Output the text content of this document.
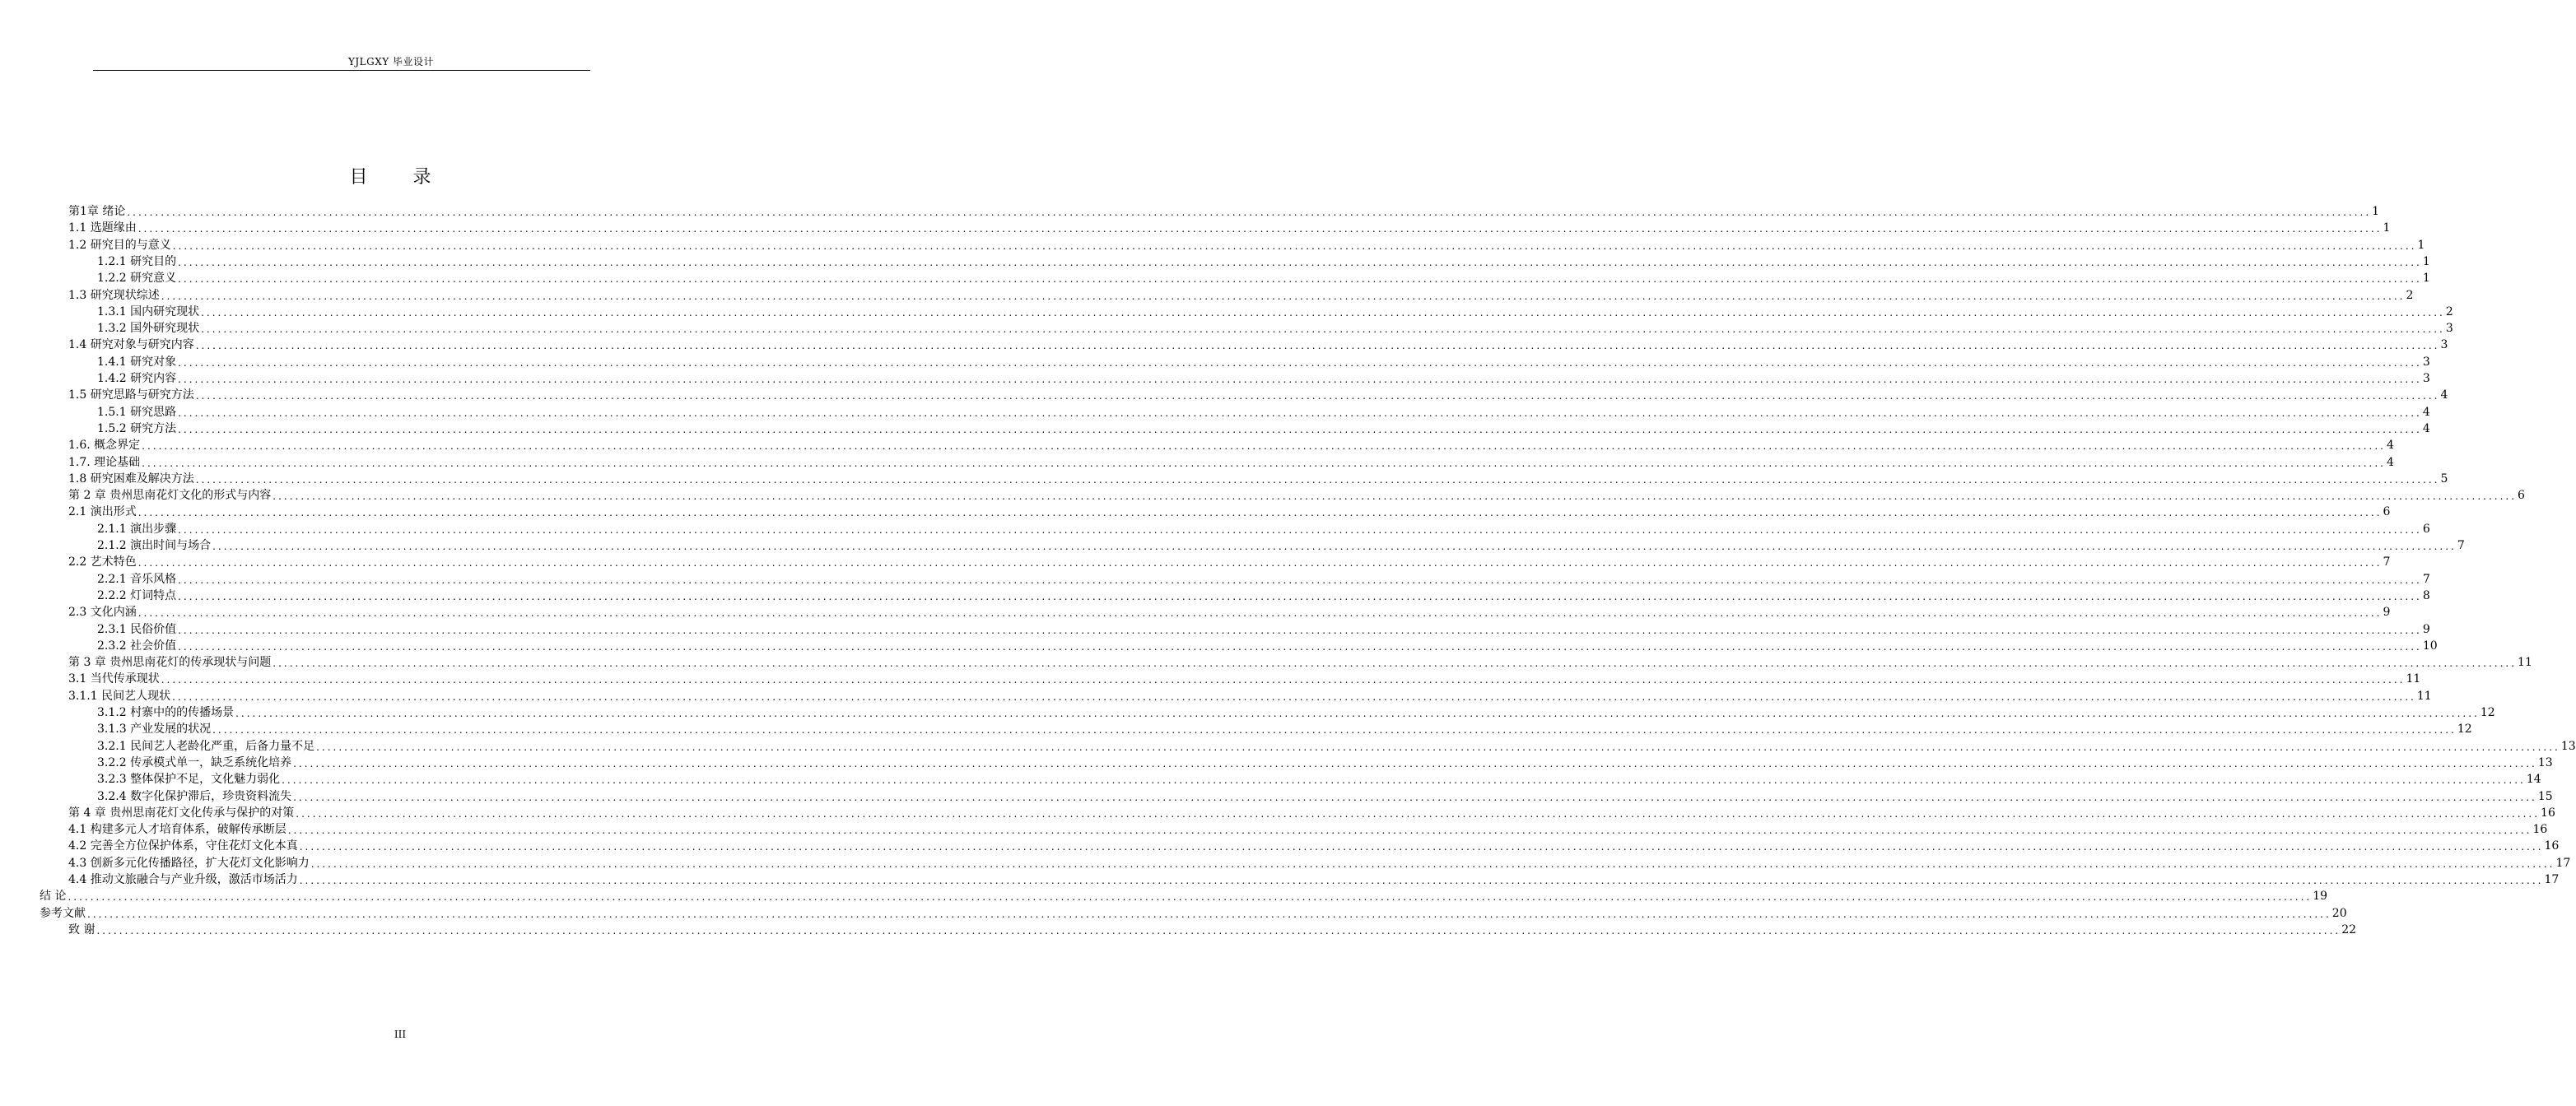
YJLGXY 毕业设计
目 录
第1章 绪论 ................................................................................................................................................................................................................................................................................................................................................................................................................ 1
1.1 选题缘由 ................................................................................................................................................................................................................................................................................................................................................................................................................ 1
1.2 研究目的与意义 ................................................................................................................................................................................................................................................................................................................................................................................................................ 1
1.2.1 研究目的 ................................................................................................................................................................................................................................................................................................................................................................................................................ 1
1.2.2 研究意义 ................................................................................................................................................................................................................................................................................................................................................................................................................ 1
1.3 研究现状综述 ................................................................................................................................................................................................................................................................................................................................................................................................................ 2
1.3.1 国内研究现状 ................................................................................................................................................................................................................................................................................................................................................................................................................ 2
1.3.2 国外研究现状 ................................................................................................................................................................................................................................................................................................................................................................................................................ 3
1.4 研究对象与研究内容 ................................................................................................................................................................................................................................................................................................................................................................................................................ 3
1.4.1 研究对象 ................................................................................................................................................................................................................................................................................................................................................................................................................ 3
1.4.2 研究内容 ................................................................................................................................................................................................................................................................................................................................................................................................................ 3
1.5 研究思路与研究方法 ................................................................................................................................................................................................................................................................................................................................................................................................................ 4
1.5.1 研究思路 ................................................................................................................................................................................................................................................................................................................................................................................................................ 4
1.5.2 研究方法 ................................................................................................................................................................................................................................................................................................................................................................................................................ 4
1.6. 概念界定 ................................................................................................................................................................................................................................................................................................................................................................................................................ 4
1.7. 理论基础 ................................................................................................................................................................................................................................................................................................................................................................................................................ 4
1.8 研究困难及解决方法 ................................................................................................................................................................................................................................................................................................................................................................................................................ 5
第 2 章 贵州思南花灯文化的形式与内容 ................................................................................................................................................................................................................................................................................................................................................................................................................ 6
2.1 演出形式 ................................................................................................................................................................................................................................................................................................................................................................................................................ 6
2.1.1 演出步骤 ................................................................................................................................................................................................................................................................................................................................................................................................................ 6
2.1.2 演出时间与场合 ................................................................................................................................................................................................................................................................................................................................................................................................................ 7
2.2 艺术特色 ................................................................................................................................................................................................................................................................................................................................................................................................................ 7
2.2.1 音乐风格 ................................................................................................................................................................................................................................................................................................................................................................................................................ 7
2.2.2 灯词特点 ................................................................................................................................................................................................................................................................................................................................................................................................................ 8
2.3 文化内涵 ................................................................................................................................................................................................................................................................................................................................................................................................................ 9
2.3.1 民俗价值 ................................................................................................................................................................................................................................................................................................................................................................................................................ 9
2.3.2 社会价值 ................................................................................................................................................................................................................................................................................................................................................................................................................ 10
第 3 章 贵州思南花灯的传承现状与问题 ................................................................................................................................................................................................................................................................................................................................................................................................................ 11
3.1 当代传承现状 ................................................................................................................................................................................................................................................................................................................................................................................................................ 11
3.1.1 民间艺人现状 ................................................................................................................................................................................................................................................................................................................................................................................................................ 11
3.1.2 村寨中的的传播场景 ................................................................................................................................................................................................................................................................................................................................................................................................................ 12
3.1.3 产业发展的状况 ................................................................................................................................................................................................................................................................................................................................................................................................................ 12
3.2.1 民间艺人老龄化严重，后备力量不足 ................................................................................................................................................................................................................................................................................................................................................................................................................ 13
3.2.2 传承模式单一，缺乏系统化培养 ................................................................................................................................................................................................................................................................................................................................................................................................................ 13
3.2.3 整体保护不足，文化魅力弱化 ................................................................................................................................................................................................................................................................................................................................................................................................................ 14
3.2.4 数字化保护滞后，珍贵资料流失 ................................................................................................................................................................................................................................................................................................................................................................................................................ 15
第 4 章 贵州思南花灯文化传承与保护的对策 ................................................................................................................................................................................................................................................................................................................................................................................................................ 16
4.1 构建多元人才培育体系，破解传承断层 ................................................................................................................................................................................................................................................................................................................................................................................................................ 16
4.2 完善全方位保护体系，守住花灯文化本真 ................................................................................................................................................................................................................................................................................................................................................................................................................ 16
4.3 创新多元化传播路径，扩大花灯文化影响力 ................................................................................................................................................................................................................................................................................................................................................................................................................ 17
4.4 推动文旅融合与产业升级，激活市场活力 ................................................................................................................................................................................................................................................................................................................................................................................................................ 17
结 论 ................................................................................................................................................................................................................................................................................................................................................................................................................ 19
参考文献 ................................................................................................................................................................................................................................................................................................................................................................................................................ 20
致 谢 ................................................................................................................................................................................................................................................................................................................................................................................................................ 22
III
